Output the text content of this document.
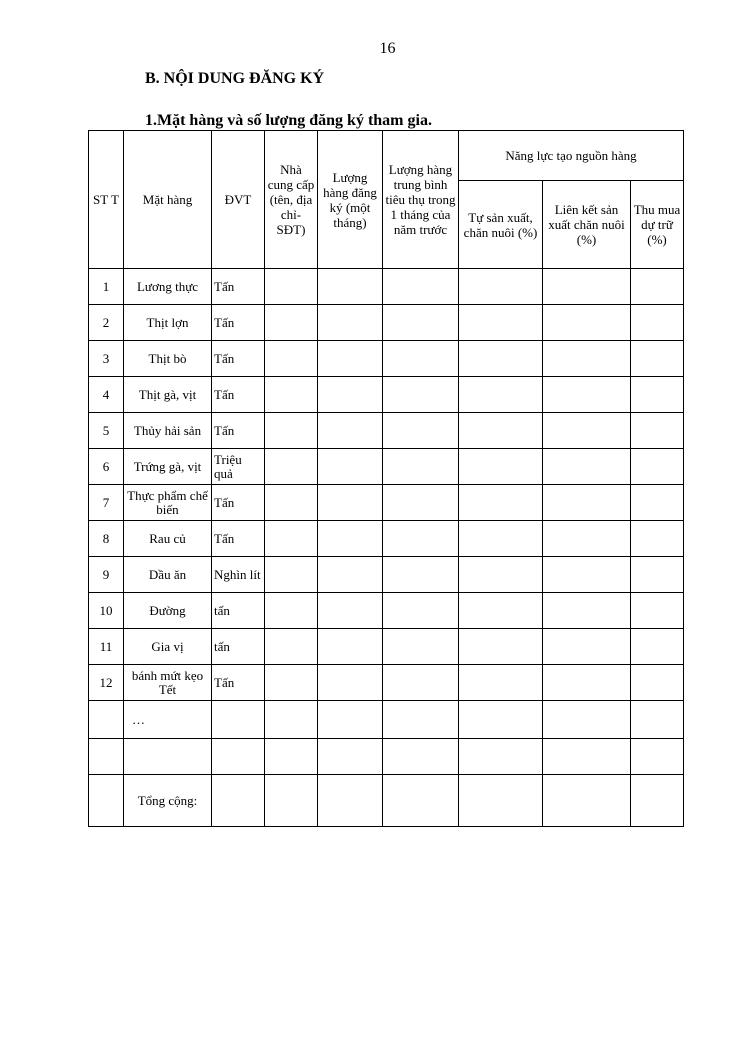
16
B. NỘI DUNG ĐĂNG KÝ
1.Mặt hàng và số lượng đăng ký tham gia.
ST T	Mặt hàng	ĐVT	Nhà cung cấp (tên, địa chỉ- SĐT)	Lượng hàng đăng ký (một tháng)	Lượng hàng trung bình tiêu thụ trong 1 tháng của năm trước	Năng lực tạo nguồn hàng		
						Tự sản xuất, chăn nuôi (%)	Liên kết sản xuất chăn nuôi (%)	Thu mua dự trữ (%)
1	Lương thực	Tấn						
2	Thịt lợn	Tấn						
3	Thịt bò	Tấn						
4	Thịt gà, vịt	Tấn						
5	Thủy hải sản	Tấn						
6	Trứng gà, vịt	Triệu quả						
7	Thực phẩm chế biến	Tấn						
8	Rau củ	Tấn						
9	Dầu ăn	Nghìn lít						
10	Đường	tấn						
11	Gia vị	tấn						
12	bánh mứt kẹo Tết	Tấn						
	…							

	Tổng cộng:							
